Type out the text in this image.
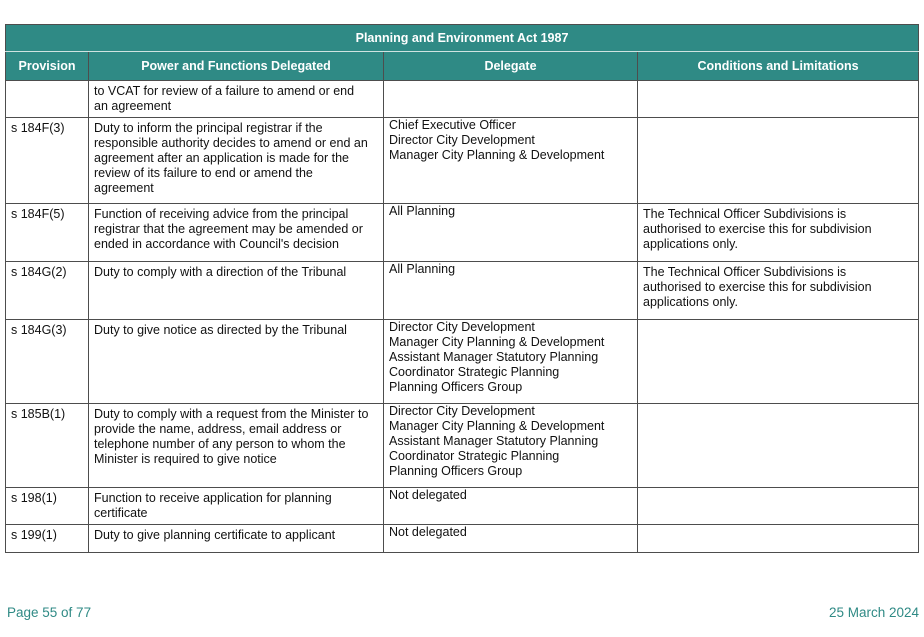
Planning and Environment Act 1987			
Provision	Power and Functions Delegated	Delegate	Conditions and Limitations

	to VCAT for review of a failure to amend or end
an agreement		

s 184F(3)	Duty to inform the principal registrar if the
responsible authority decides to amend or end an
agreement after an application is made for the
review of its failure to end or amend the
agreement	Chief Executive Officer
Director City Development
Manager City Planning & Development	

s 184F(5)	Function of receiving advice from the principal
registrar that the agreement may be amended or
ended in accordance with Council's decision	All Planning	The Technical Officer Subdivisions is
authorised to exercise this for subdivision
applications only.

s 184G(2)	Duty to comply with a direction of the Tribunal	All Planning	The Technical Officer Subdivisions is
authorised to exercise this for subdivision
applications only.

s 184G(3)	Duty to give notice as directed by the Tribunal	Director City Development
Manager City Planning & Development
Assistant Manager Statutory Planning
Coordinator Strategic Planning
Planning Officers Group	

s 185B(1)	Duty to comply with a request from the Minister to
provide the name, address, email address or
telephone number of any person to whom the
Minister is required to give notice	Director City Development
Manager City Planning & Development
Assistant Manager Statutory Planning
Coordinator Strategic Planning
Planning Officers Group	

s 198(1)	Function to receive application for planning
certificate	Not delegated	

s 199(1)	Duty to give planning certificate to applicant	Not delegated	

Page 55 of 77	25 March 2024
